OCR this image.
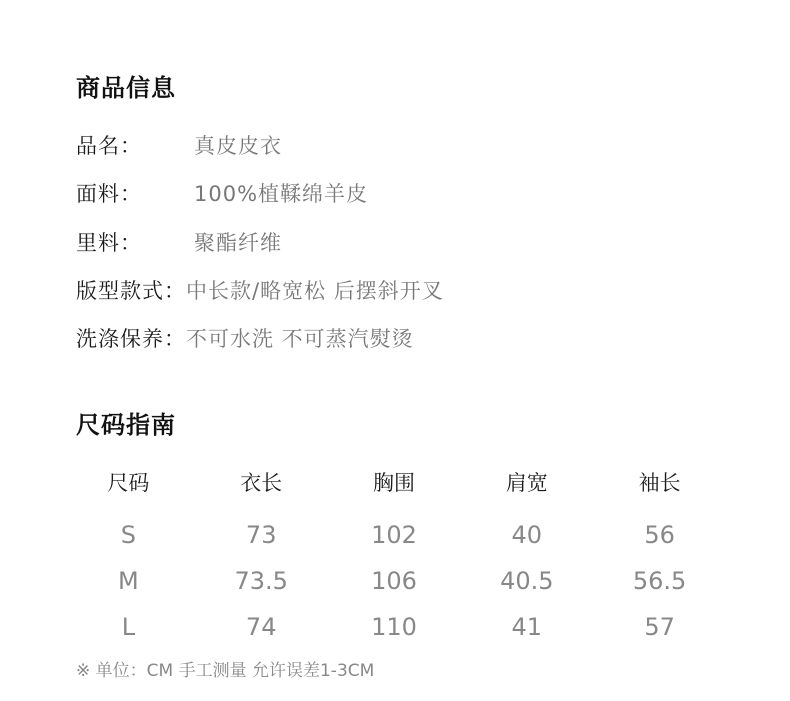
商品信息
品名： 真皮皮衣
面料： 100%植鞣绵羊皮
里料： 聚酯纤维
版型款式：中长款/略宽松 后摆斜开叉
洗涤保养：不可水洗 不可蒸汽熨烫
尺码指南
尺码	衣长	胸围	肩宽	袖长
S	73	102	40	56
M	73.5	106	40.5	56.5
L	74	110	41	57
※ 单位：CM 手工测量 允许误差1-3CM
